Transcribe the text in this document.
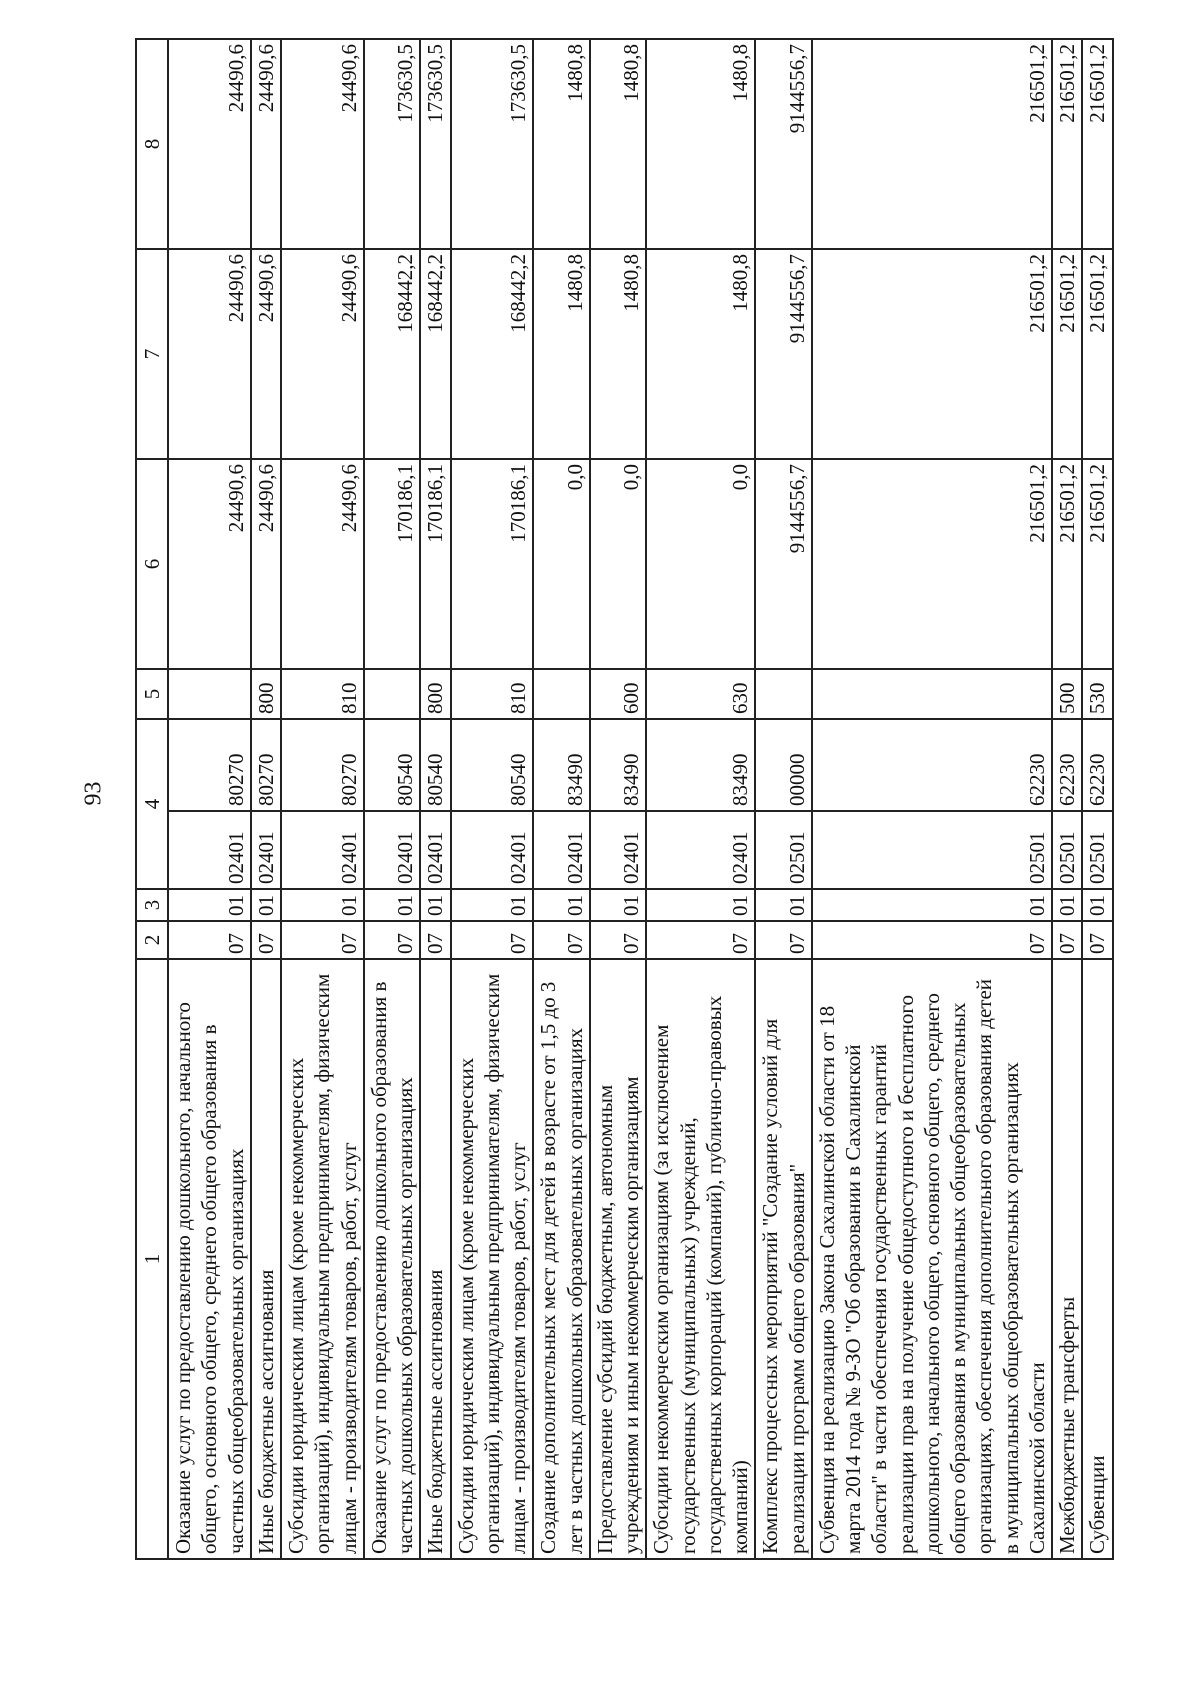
93
1	2	3	4		5	6	7	8
Оказание услуг по предоставлению дошкольного, начального общего, основного общего, среднего общего образования в частных общеобразовательных организациях	07	01	02401	80270		24490,6	24490,6	24490,6
Иные бюджетные ассигнования	07	01	02401	80270	800	24490,6	24490,6	24490,6
Субсидии юридическим лицам (кроме некоммерческих организаций), индивидуальным предпринимателям, физическим лицам - производителям товаров, работ, услуг	07	01	02401	80270	810	24490,6	24490,6	24490,6
Оказание услуг по предоставлению дошкольного образования в частных дошкольных образовательных организациях	07	01	02401	80540		170186,1	168442,2	173630,5
Иные бюджетные ассигнования	07	01	02401	80540	800	170186,1	168442,2	173630,5
Субсидии юридическим лицам (кроме некоммерческих организаций), индивидуальным предпринимателям, физическим лицам - производителям товаров, работ, услуг	07	01	02401	80540	810	170186,1	168442,2	173630,5
Создание дополнительных мест для детей в возрасте от 1,5 до 3 лет в частных дошкольных образовательных организациях	07	01	02401	83490		0,0	1480,8	1480,8
Предоставление субсидий бюджетным, автономным учреждениям и иным некоммерческим организациям	07	01	02401	83490	600	0,0	1480,8	1480,8
Субсидии некоммерческим организациям (за исключением государственных (муниципальных) учреждений, государственных корпораций (компаний), публично-правовых компаний)	07	01	02401	83490	630	0,0	1480,8	1480,8
Комплекс процессных мероприятий "Создание условий для реализации программ общего образования"	07	01	02501	00000		9144556,7	9144556,7	9144556,7
Субвенция на реализацию Закона Сахалинской области от 18 марта 2014 года № 9-ЗО "Об образовании в Сахалинской области" в части обеспечения государственных гарантий реализации прав на получение общедоступного и бесплатного дошкольного, начального общего, основного общего, среднего общего образования в муниципальных общеобразовательных организациях, обеспечения дополнительного образования детей в муниципальных общеобразовательных организациях Сахалинской области	07	01	02501	62230		216501,2	216501,2	216501,2
Межбюджетные трансферты	07	01	02501	62230	500	216501,2	216501,2	216501,2
Субвенции	07	01	02501	62230	530	216501,2	216501,2	216501,2
